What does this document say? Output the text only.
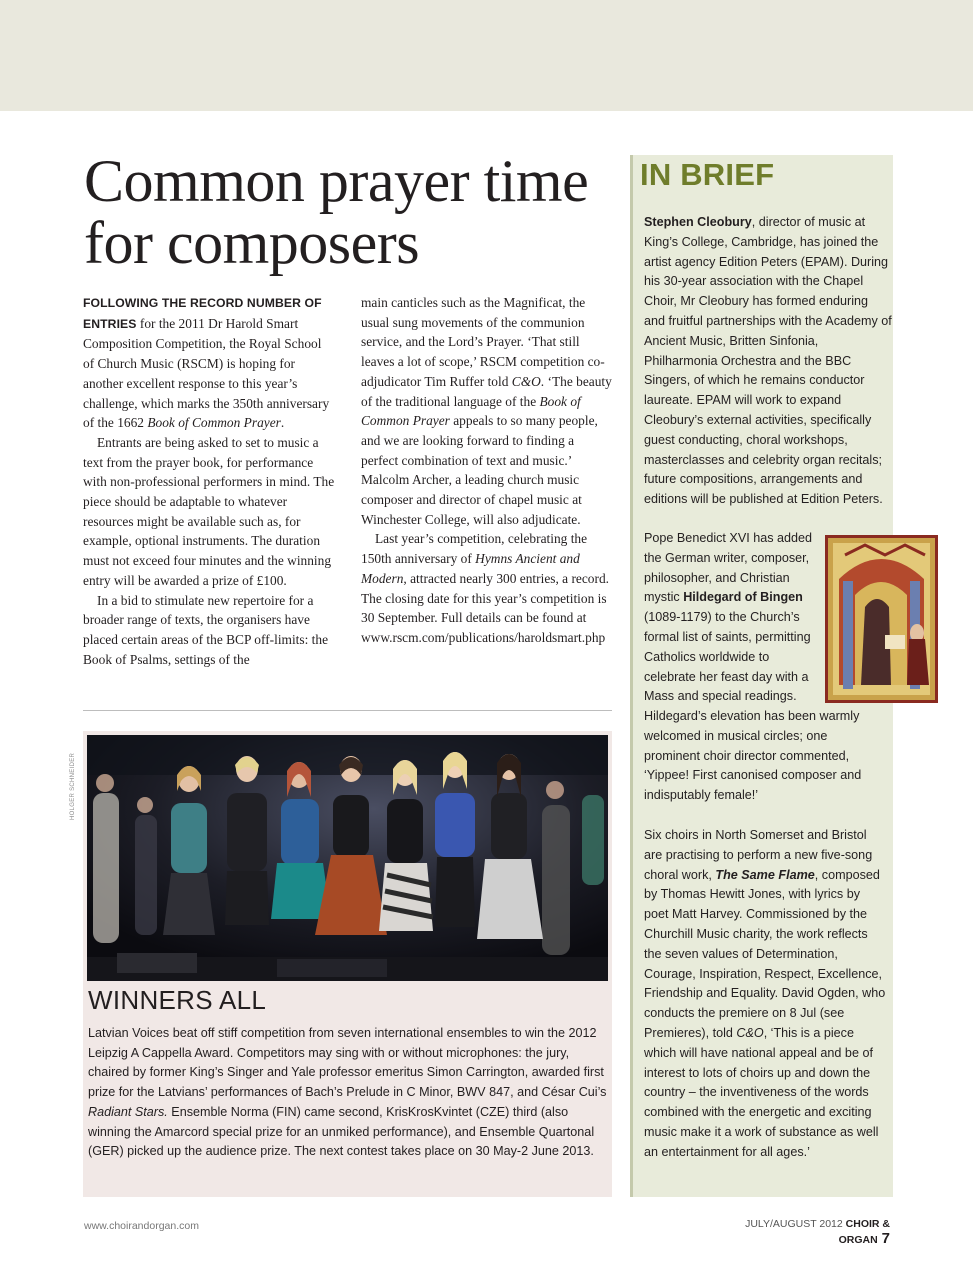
Common prayer time for composers

FOLLOWING THE RECORD NUMBER OF ENTRIES for the 2011 Dr Harold Smart Composition Competition, the Royal School of Church Music (RSCM) is hoping for another excellent response to this year’s challenge, which marks the 350th anniversary of the 1662 Book of Common Prayer.

Entrants are being asked to set to music a text from the prayer book, for performance with non-professional performers in mind. The piece should be adaptable to whatever resources might be available such as, for example, optional instruments. The duration must not exceed four minutes and the winning entry will be awarded a prize of £100.

In a bid to stimulate new repertoire for a broader range of texts, the organisers have placed certain areas of the BCP off-limits: the Book of Psalms, settings of the

main canticles such as the Magnificat, the usual sung movements of the communion service, and the Lord’s Prayer. ‘That still leaves a lot of scope,’ RSCM competition co-adjudicator Tim Ruffer told C&O. ‘The beauty of the traditional language of the Book of Common Prayer appeals to so many people, and we are looking forward to finding a perfect combination of text and music.’ Malcolm Archer, a leading church music composer and director of chapel music at Winchester College, will also adjudicate.

Last year’s competition, celebrating the 150th anniversary of Hymns Ancient and Modern, attracted nearly 300 entries, a record. The closing date for this year’s competition is 30 September. Full details can be found at www.rscm.com/publications/haroldsmart.php

HOLGER SCHNEIDER
WINNERS ALL

Latvian Voices beat off stiff competition from seven international ensembles to win the 2012 Leipzig A Cappella Award. Competitors may sing with or without microphones: the jury, chaired by former King’s Singer and Yale professor emeritus Simon Carrington, awarded first prize for the Latvians’ performances of Bach’s Prelude in C Minor, BWV 847, and César Cui’s Radiant Stars. Ensemble Norma (FIN) came second, KrisKrosKvintet (CZE) third (also winning the Amarcord special prize for an unmiked performance), and Ensemble Quartonal (GER) picked up the audience prize. The next contest takes place on 30 May-2 June 2013.

IN BRIEF

Stephen Cleobury, director of music at King’s College, Cambridge, has joined the artist agency Edition Peters (EPAM). During his 30-year association with the Chapel Choir, Mr Cleobury has formed enduring and fruitful partnerships with the Academy of Ancient Music, Britten Sinfonia, Philharmonia Orchestra and the BBC Singers, of which he remains conductor laureate. EPAM will work to expand Cleobury’s external activities, specifically guest conducting, choral workshops, masterclasses and celebrity organ recitals; future compositions, arrangements and editions will be published at Edition Peters.

Pope Benedict XVI has added the German writer, composer, philosopher, and Christian mystic Hildegard of Bingen (1089-1179) to the Church’s formal list of saints, permitting Catholics worldwide to celebrate her feast day with a Mass and special readings.

Hildegard’s elevation has been warmly welcomed in musical circles; one prominent choir director commented, ‘Yippee! First canonised composer and indisputably female!’

Six choirs in North Somerset and Bristol are practising to perform a new five-song choral work, The Same Flame, composed by Thomas Hewitt Jones, with lyrics by poet Matt Harvey. Commissioned by the Churchill Music charity, the work reflects the seven values of Determination, Courage, Inspiration, Respect, Excellence, Friendship and Equality. David Ogden, who conducts the premiere on 8 Jul (see Premieres), told C&O, ‘This is a piece which will have national appeal and be of interest to lots of choirs up and down the country – the inventiveness of the words combined with the energetic and exciting music make it a work of substance as well an entertainment for all ages.’

www.choirandorgan.com	JULY/AUGUST 2012 CHOIR & ORGAN 7
